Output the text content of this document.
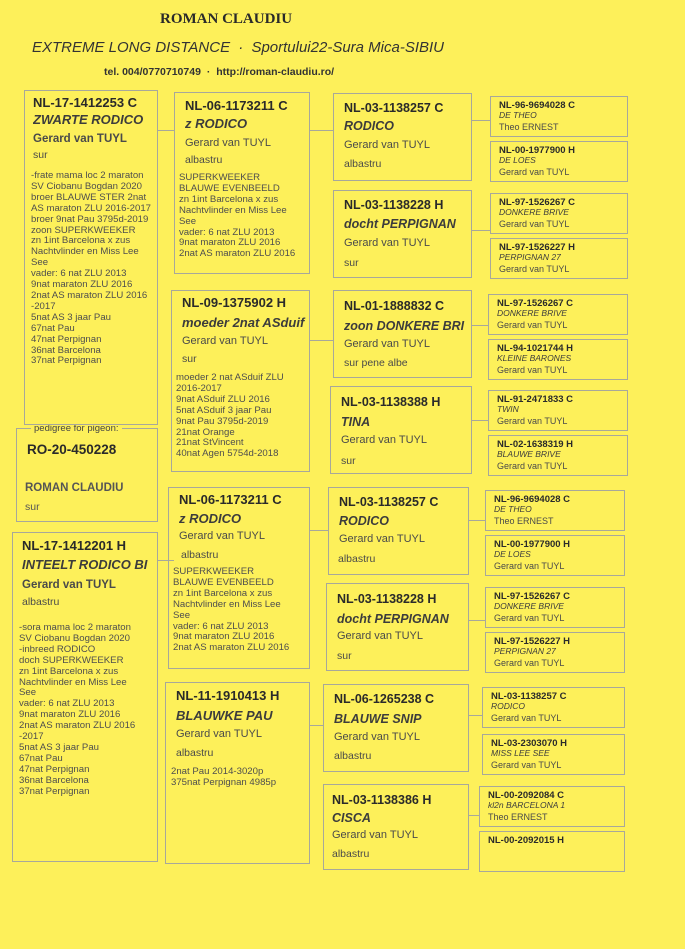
ROMAN CLAUDIU
EXTREME LONG DISTANCE · Sportului22-Sura Mica-SIBIU
tel. 004/0770710749 · http://roman-claudiu.ro/
pedigree for pigeon:
RO-20-450228
ROMAN CLAUDIU
sur
NL-17-1412253 C
ZWARTE RODICO
Gerard van TUYL
sur
-frate mama loc 2 maraton
SV Ciobanu Bogdan 2020
broer BLAUWE STER 2nat
AS maraton ZLU 2016-2017
broer 9nat Pau 3795d-2019
zoon SUPERKWEEKER
zn 1int Barcelona x zus
Nachtvlinder en Miss Lee
See
vader: 6 nat ZLU 2013
9nat maraton ZLU 2016
2nat AS maraton ZLU 2016
-2017
5nat AS 3 jaar Pau
67nat Pau
47nat Perpignan
36nat Barcelona
37nat Perpignan
NL-17-1412201 H
INTEELT RODICO BI
Gerard van TUYL
albastru
-sora mama loc 2 maraton
SV Ciobanu Bogdan 2020
-inbreed RODICO
doch SUPERKWEEKER
zn 1int Barcelona x zus
Nachtvlinder en Miss Lee
See
vader: 6 nat ZLU 2013
9nat maraton ZLU 2016
2nat AS maraton ZLU 2016
-2017
5nat AS 3 jaar Pau
67nat Pau
47nat Perpignan
36nat Barcelona
37nat Perpignan
NL-06-1173211 C
z RODICO
Gerard van TUYL
albastru
SUPERKWEEKER
BLAUWE EVENBEELD
zn 1int Barcelona x zus
Nachtvlinder en Miss Lee
See
vader: 6 nat ZLU 2013
9nat maraton ZLU 2016
2nat AS maraton ZLU 2016
NL-09-1375902 H
moeder 2nat ASduif
Gerard van TUYL
sur
moeder 2 nat ASduif ZLU
2016-2017
9nat ASduif ZLU 2016
5nat ASduif 3 jaar Pau
9nat Pau 3795d-2019
21nat Orange
21nat StVincent
40nat Agen 5754d-2018
NL-06-1173211 C
z RODICO
Gerard van TUYL
albastru
SUPERKWEEKER
BLAUWE EVENBEELD
zn 1int Barcelona x zus
Nachtvlinder en Miss Lee
See
vader: 6 nat ZLU 2013
9nat maraton ZLU 2016
2nat AS maraton ZLU 2016
NL-11-1910413 H
BLAUWKE PAU
Gerard van TUYL
albastru
2nat Pau 2014-3020p
375nat Perpignan 4985p
NL-03-1138257 C
RODICO
Gerard van TUYL
albastru
NL-03-1138228 H
docht PERPIGNAN
Gerard van TUYL
sur
NL-01-1888832 C
zoon DONKERE BRI
Gerard van TUYL
sur pene albe
NL-03-1138388 H
TINA
Gerard van TUYL
sur
NL-03-1138257 C
RODICO
Gerard van TUYL
albastru
NL-03-1138228 H
docht PERPIGNAN
Gerard van TUYL
sur
NL-06-1265238 C
BLAUWE SNIP
Gerard van TUYL
albastru
NL-03-1138386 H
CISCA
Gerard van TUYL
albastru
NL-96-9694028 C
DE THEO
Theo ERNEST
NL-00-1977900 H
DE LOES
Gerard van TUYL
NL-97-1526267 C
DONKERE BRIVE
Gerard van TUYL
NL-97-1526227 H
PERPIGNAN 27
Gerard van TUYL
NL-97-1526267 C
DONKERE BRIVE
Gerard van TUYL
NL-94-1021744 H
KLEINE BARONES
Gerard van TUYL
NL-91-2471833 C
TWIN
Gerard van TUYL
NL-02-1638319 H
BLAUWE BRIVE
Gerard van TUYL
NL-96-9694028 C
DE THEO
Theo ERNEST
NL-00-1977900 H
DE LOES
Gerard van TUYL
NL-97-1526267 C
DONKERE BRIVE
Gerard van TUYL
NL-97-1526227 H
PERPIGNAN 27
Gerard van TUYL
NL-03-1138257 C
RODICO
Gerard van TUYL
NL-03-2303070 H
MISS LEE SEE
Gerard van TUYL
NL-00-2092084 C
kl2n BARCELONA 1
Theo ERNEST
NL-00-2092015 H
